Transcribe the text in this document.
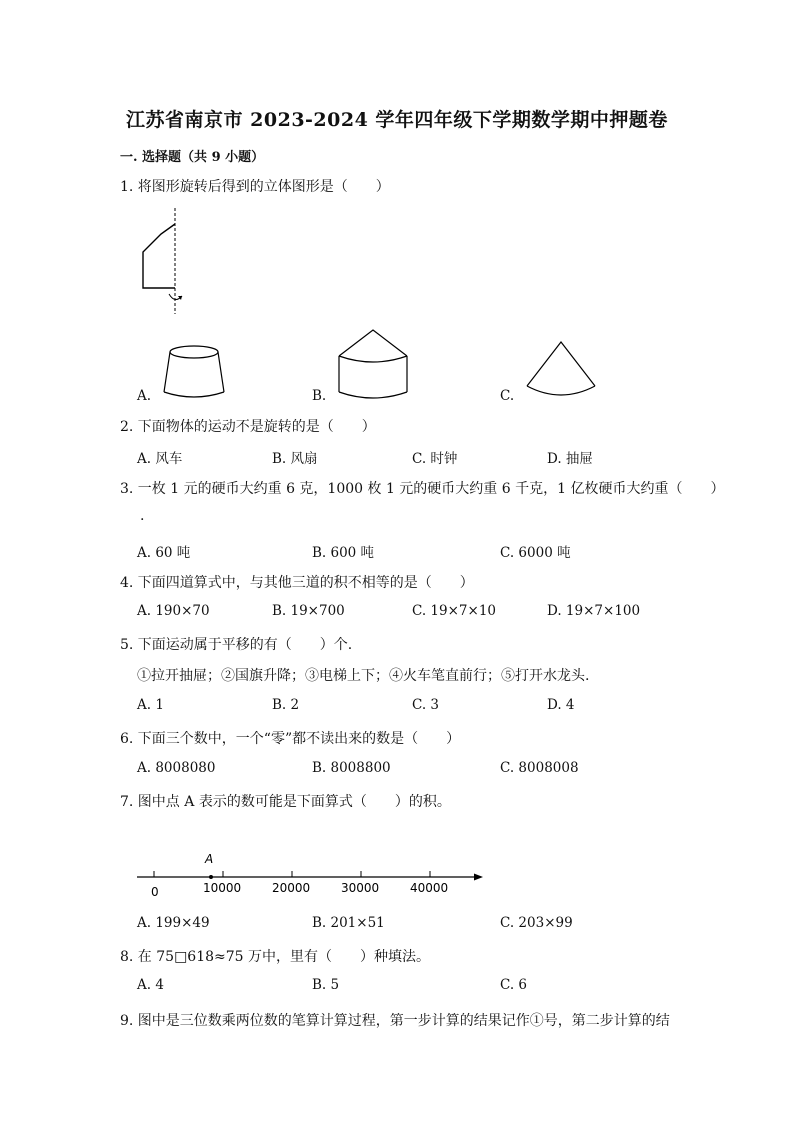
江苏省南京市 2023-2024 学年四年级下学期数学期中押题卷
一. 选择题（共 9 小题）
1. 将图形旋转后得到的立体图形是（　　）
A.	B.	C.
2. 下面物体的运动不是旋转的是（　　）
A. 风车	B. 风扇	C. 时钟	D. 抽屉
3. 一枚 1 元的硬币大约重 6 克，1000 枚 1 元的硬币大约重 6 千克，1 亿枚硬币大约重（　　）
.
A. 60 吨	B. 600 吨	C. 6000 吨
4. 下面四道算式中，与其他三道的积不相等的是（　　）
A. 190×70	B. 19×700	C. 19×7×10	D. 19×7×100
5. 下面运动属于平移的有（　　）个.
①拉开抽屉；②国旗升降；③电梯上下；④火车笔直前行；⑤打开水龙头.
A. 1	B. 2	C. 3	D. 4
6. 下面三个数中，一个“零”都不读出来的数是（　　）
A. 8008080	B. 8008800	C. 8008008
7. 图中点 A 表示的数可能是下面算式（　　）的积。
A
0	10000	20000	30000	40000
A. 199×49	B. 201×51	C. 203×99
8. 在 75□618≈75 万中，里有（　　）种填法。
A. 4	B. 5	C. 6
9. 图中是三位数乘两位数的笔算计算过程，第一步计算的结果记作①号，第二步计算的结
